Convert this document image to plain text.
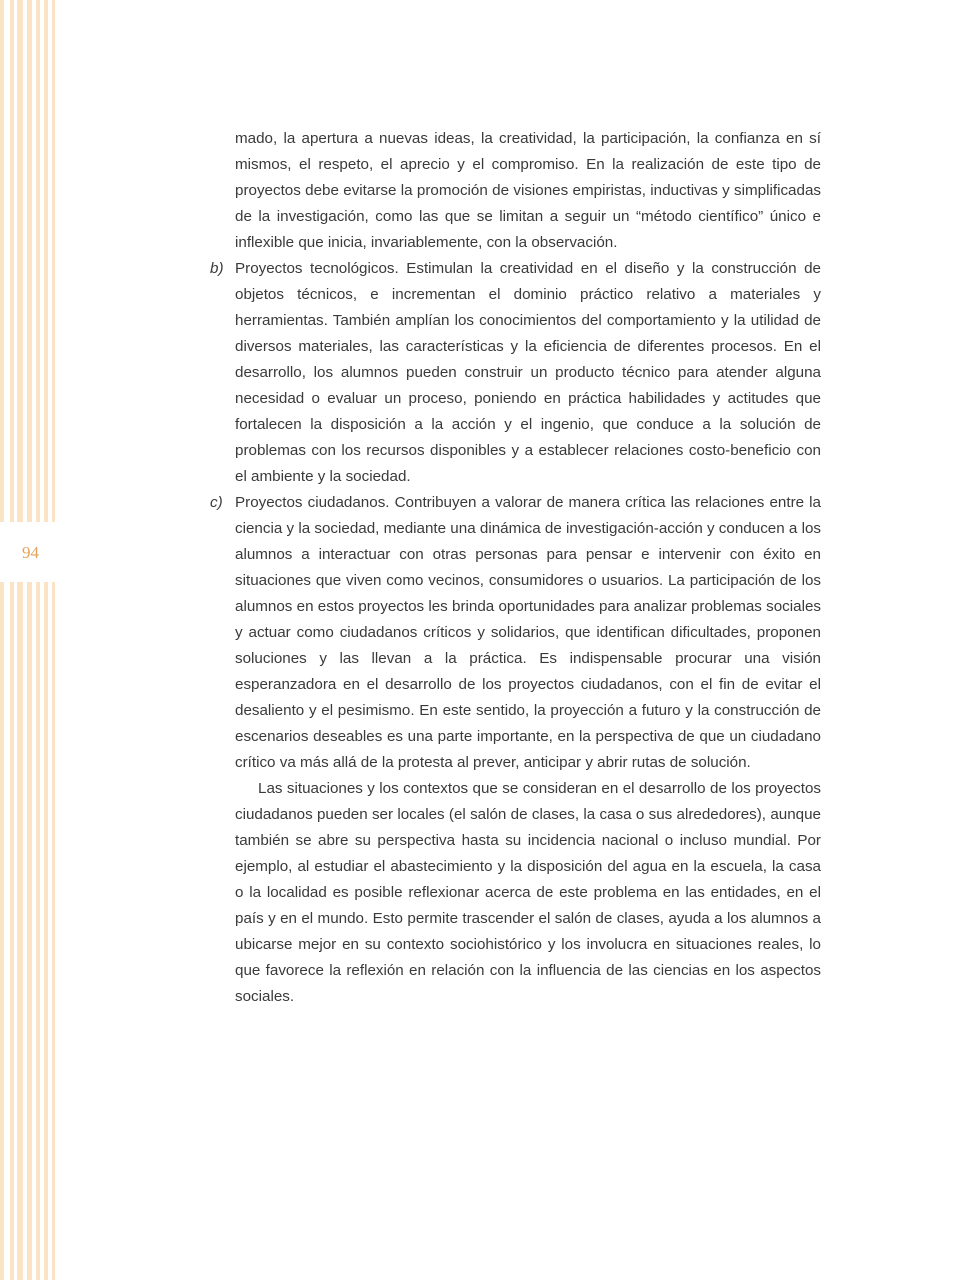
94

mado, la apertura a nuevas ideas, la creatividad, la participación, la confianza en sí mismos, el respeto, el aprecio y el compromiso. En la realización de este tipo de proyectos debe evitarse la promoción de visiones empiristas, inductivas y simplificadas de la investigación, como las que se limitan a seguir un “método científico” único e inflexible que inicia, invariablemente, con la observación.

b) Proyectos tecnológicos. Estimulan la creatividad en el diseño y la construcción de objetos técnicos, e incrementan el dominio práctico relativo a materiales y herramientas. También amplían los conocimientos del comportamiento y la utilidad de diversos materiales, las características y la eficiencia de diferentes procesos. En el desarrollo, los alumnos pueden construir un producto técnico para atender alguna necesidad o evaluar un proceso, poniendo en práctica habilidades y actitudes que fortalecen la disposición a la acción y el ingenio, que conduce a la solución de problemas con los recursos disponibles y a establecer relaciones costo-beneficio con el ambiente y la sociedad.

c) Proyectos ciudadanos. Contribuyen a valorar de manera crítica las relaciones entre la ciencia y la sociedad, mediante una dinámica de investigación-acción y conducen a los alumnos a interactuar con otras personas para pensar e intervenir con éxito en situaciones que viven como vecinos, consumidores o usuarios. La participación de los alumnos en estos proyectos les brinda oportunidades para analizar problemas sociales y actuar como ciudadanos críticos y solidarios, que identifican dificultades, proponen soluciones y las llevan a la práctica. Es indispensable procurar una visión esperanzadora en el desarrollo de los proyectos ciudadanos, con el fin de evitar el desaliento y el pesimismo. En este sentido, la proyección a futuro y la construcción de escenarios deseables es una parte importante, en la perspectiva de que un ciudadano crítico va más allá de la protesta al prever, anticipar y abrir rutas de solución.

Las situaciones y los contextos que se consideran en el desarrollo de los proyectos ciudadanos pueden ser locales (el salón de clases, la casa o sus alrededores), aunque también se abre su perspectiva hasta su incidencia nacional o incluso mundial. Por ejemplo, al estudiar el abastecimiento y la disposición del agua en la escuela, la casa o la localidad es posible reflexionar acerca de este problema en las entidades, en el país y en el mundo. Esto permite trascender el salón de clases, ayuda a los alumnos a ubicarse mejor en su contexto sociohistórico y los involucra en situaciones reales, lo que favorece la reflexión en relación con la influencia de las ciencias en los aspectos sociales.
